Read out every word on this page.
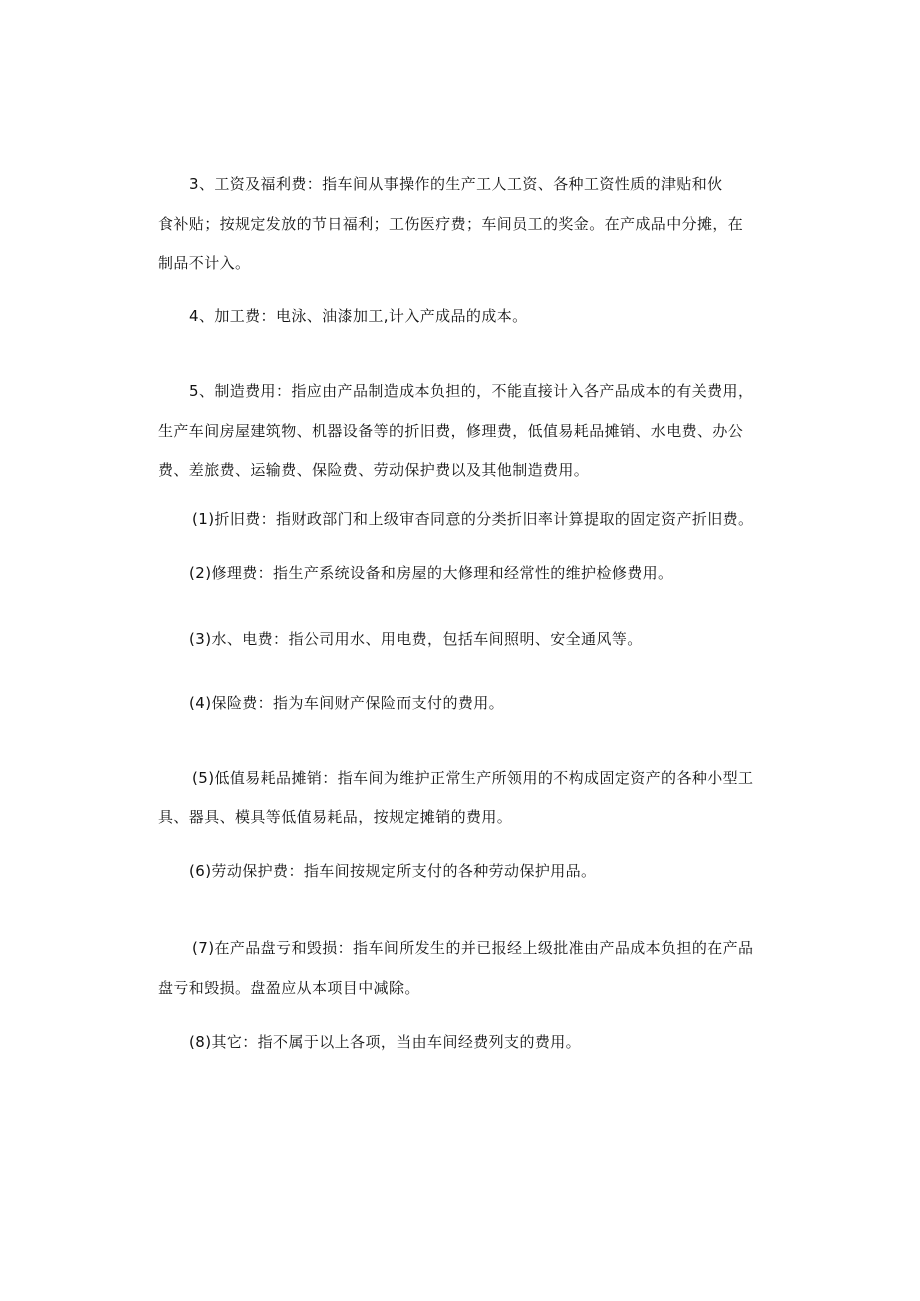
3、工资及福利费：指车间从事操作的生产工人工资、各种工资性质的津贴和伙
食补贴；按规定发放的节日福利；工伤医疗费；车间员工的奖金。在产成品中分摊，在
制品不计入。
4、加工费：电泳、油漆加工,计入产成品的成本。
5、制造费用：指应由产品制造成本负担的，不能直接计入各产品成本的有关费用，
生产车间房屋建筑物、机器设备等的折旧费，修理费，低值易耗品摊销、水电费、办公
费、差旅费、运输费、保险费、劳动保护费以及其他制造费用。
(1)折旧费：指财政部门和上级审杳同意的分类折旧率计算提取的固定资产折旧费。
(2)修理费：指生产系统设备和房屋的大修理和经常性的维护检修费用。
(3)水、电费：指公司用水、用电费，包括车间照明、安全通风等。
(4)保险费：指为车间财产保险而支付的费用。
(5)低值易耗品摊销：指车间为维护正常生产所领用的不构成固定资产的各种小型工
具、器具、模具等低值易耗品，按规定摊销的费用。
(6)劳动保护费：指车间按规定所支付的各种劳动保护用品。
(7)在产品盘亏和毁损：指车间所发生的并已报经上级批准由产品成本负担的在产品
盘亏和毁损。盘盈应从本项目中减除。
(8)其它：指不属于以上各项，当由车间经费列支的费用。
